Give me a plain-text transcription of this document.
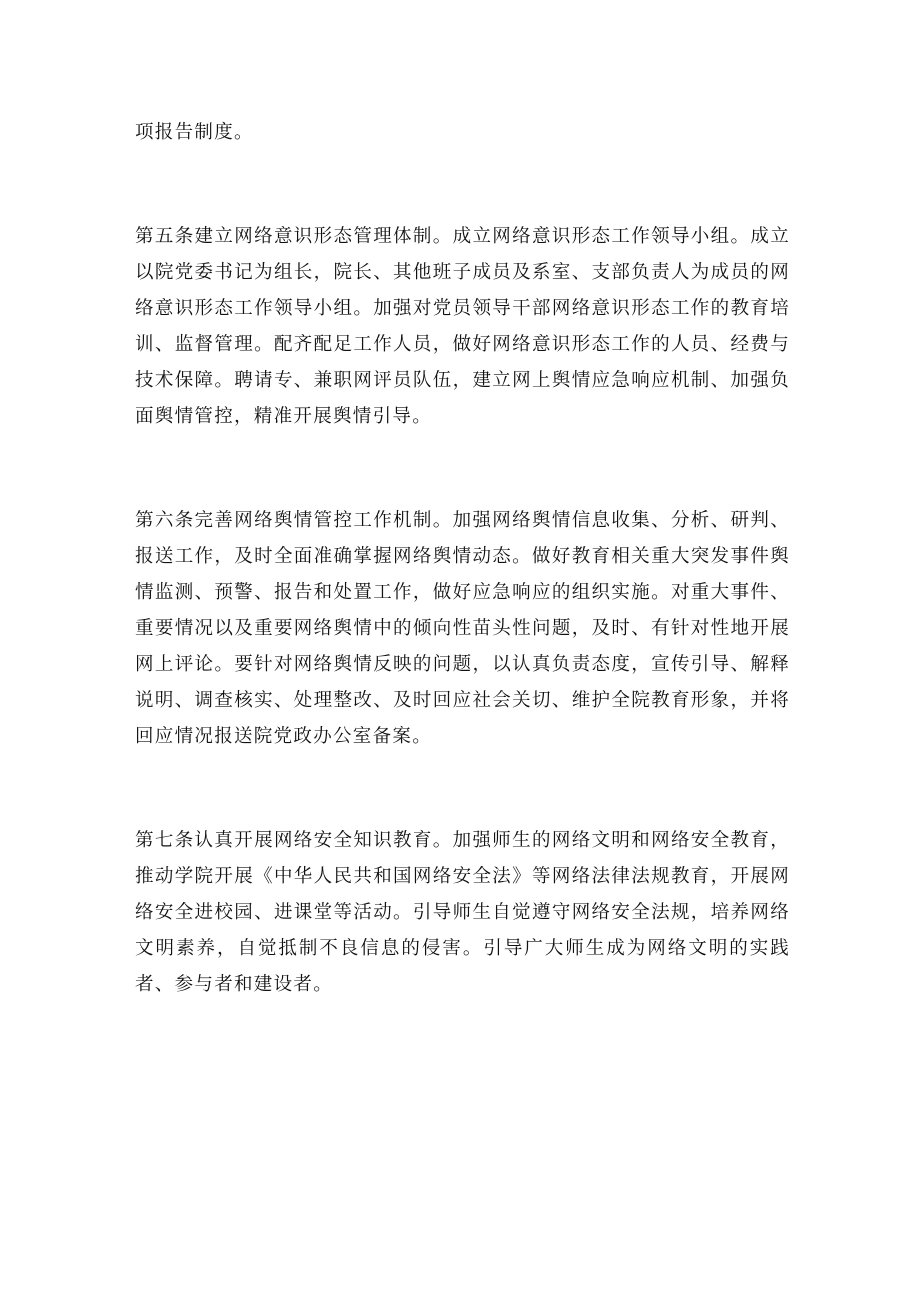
项报告制度。

第五条建立网络意识形态管理体制。成立网络意识形态工作领导小组。成立以院党委书记为组长，院长、其他班子成员及系室、支部负责人为成员的网络意识形态工作领导小组。加强对党员领导干部网络意识形态工作的教育培训、监督管理。配齐配足工作人员，做好网络意识形态工作的人员、经费与技术保障。聘请专、兼职网评员队伍，建立网上舆情应急响应机制、加强负面舆情管控，精准开展舆情引导。

第六条完善网络舆情管控工作机制。加强网络舆情信息收集、分析、研判、报送工作，及时全面准确掌握网络舆情动态。做好教育相关重大突发事件舆情监测、预警、报告和处置工作，做好应急响应的组织实施。对重大事件、重要情况以及重要网络舆情中的倾向性苗头性问题，及时、有针对性地开展网上评论。要针对网络舆情反映的问题，以认真负责态度，宣传引导、解释说明、调查核实、处理整改、及时回应社会关切、维护全院教育形象，并将回应情况报送院党政办公室备案。

第七条认真开展网络安全知识教育。加强师生的网络文明和网络安全教育，推动学院开展《中华人民共和国网络安全法》等网络法律法规教育，开展网络安全进校园、进课堂等活动。引导师生自觉遵守网络安全法规，培养网络文明素养，自觉抵制不良信息的侵害。引导广大师生成为网络文明的实践者、参与者和建设者。
